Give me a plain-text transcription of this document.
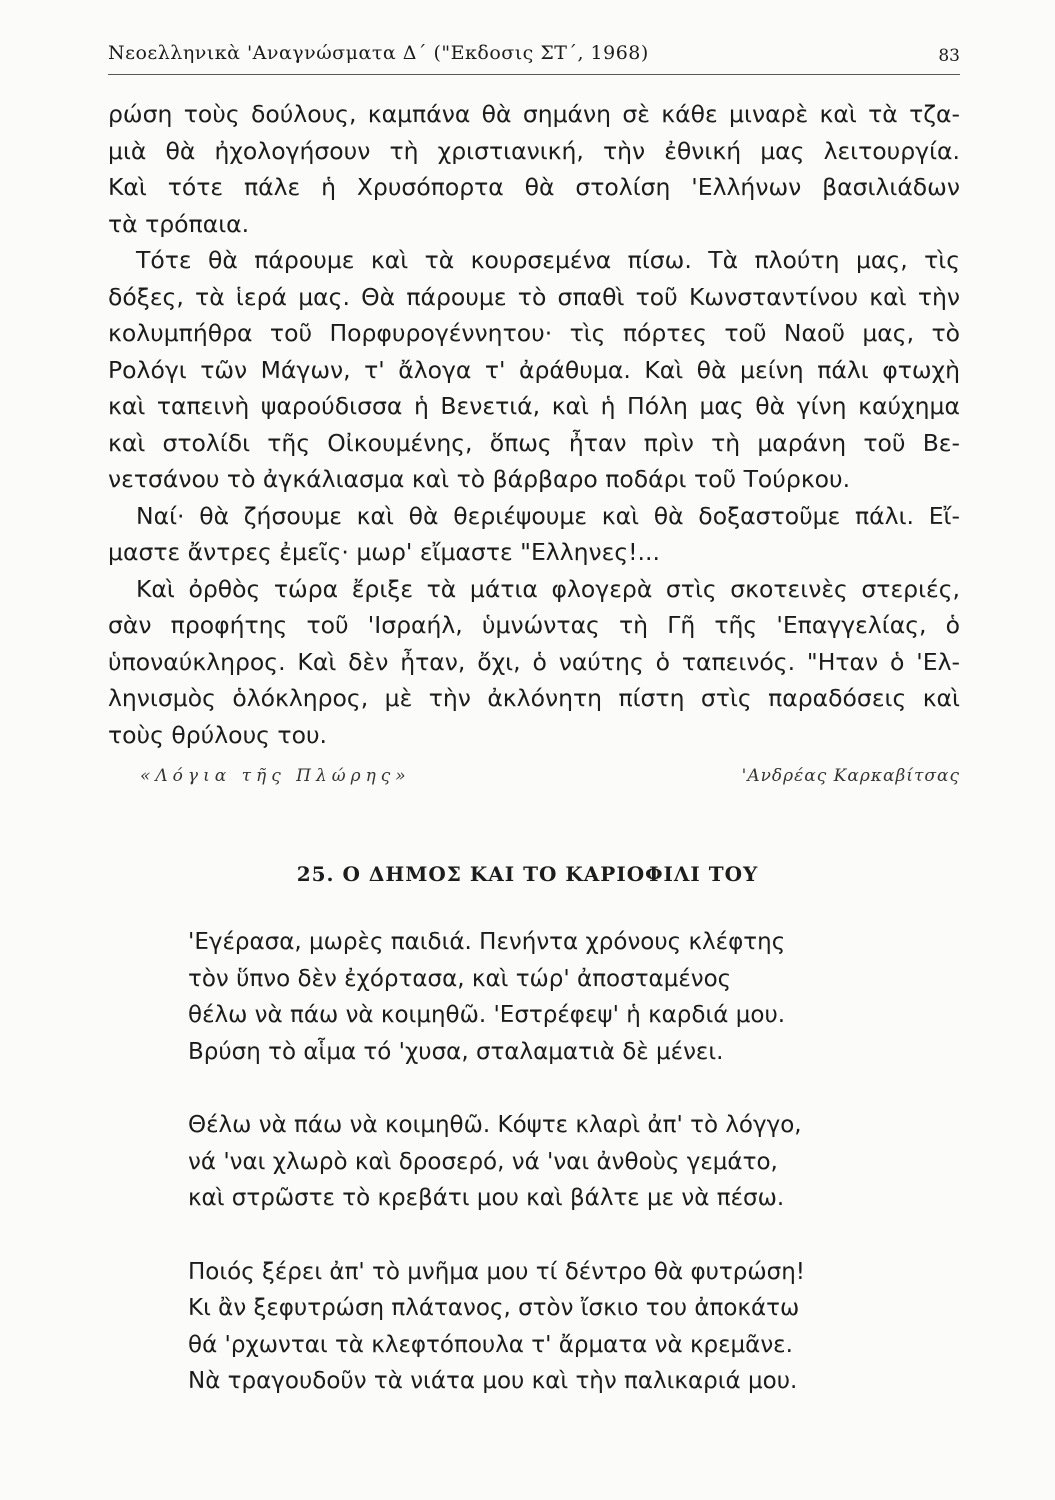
Νεοελληνικὰ 'Αναγνώσματα Δ΄ ("Εκδοσις ΣΤ΄, 1968)	83
ρώση τοὺς δούλους, καμπάνα θὰ σημάνη σὲ κάθε μιναρὲ καὶ τὰ τζα-
μιὰ θὰ ἠχολογήσουν τὴ χριστιανική, τὴν ἐθνική μας λειτουργία.
Καὶ τότε πάλε ἡ Χρυσόπορτα θὰ στολίση 'Ελλήνων βασιλιάδων
τὰ τρόπαια.
Τότε θὰ πάρουμε καὶ τὰ κουρσεμένα πίσω. Τὰ πλούτη μας, τὶς
δόξες, τὰ ἱερά μας. Θὰ πάρουμε τὸ σπαθὶ τοῦ Κωνσταντίνου καὶ τὴν
κολυμπήθρα τοῦ Πορφυρογέννητου· τὶς πόρτες τοῦ Ναοῦ μας, τὸ
Ρολόγι τῶν Μάγων, τ' ἄλογα τ' ἀράθυμα. Καὶ θὰ μείνη πάλι φτωχὴ
καὶ ταπεινὴ ψαρούδισσα ἡ Βενετιά, καὶ ἡ Πόλη μας θὰ γίνη καύχημα
καὶ στολίδι τῆς Οἰκουμένης, ὅπως ἦταν πρὶν τὴ μαράνη τοῦ Βε-
νετσάνου τὸ ἀγκάλιασμα καὶ τὸ βάρβαρο ποδάρι τοῦ Τούρκου.
Ναί· θὰ ζήσουμε καὶ θὰ θεριέψουμε καὶ θὰ δοξαστοῦμε πάλι. Εἴ-
μαστε ἄντρες ἐμεῖς· μωρ' εἴμαστε "Ελληνες!...
Καὶ ὀρθὸς τώρα ἔριξε τὰ μάτια φλογερὰ στὶς σκοτεινὲς στεριές,
σὰν προφήτης τοῦ 'Ισραήλ, ὑμνώντας τὴ Γῆ τῆς 'Επαγγελίας, ὁ
ὑποναύκληρος. Καὶ δὲν ἦταν, ὄχι, ὁ ναύτης ὁ ταπεινός. "Ηταν ὁ 'Ελ-
ληνισμὸς ὁλόκληρος, μὲ τὴν ἀκλόνητη πίστη στὶς παραδόσεις καὶ
τοὺς θρύλους του.
«Λόγια τῆς Πλώρης»	'Ανδρέας Καρκαβίτσας
25. Ο ΔΗΜΟΣ ΚΑΙ ΤΟ ΚΑΡΙΟΦΙΛΙ ΤΟΥ
'Εγέρασα, μωρὲς παιδιά. Πενήντα χρόνους κλέφτης
τὸν ὕπνο δὲν ἐχόρτασα, καὶ τώρ' ἀποσταμένος
θέλω νὰ πάω νὰ κοιμηθῶ. 'Εστρέφεψ' ἡ καρδιά μου.
Βρύση τὸ αἷμα τό 'χυσα, σταλαματιὰ δὲ μένει.
Θέλω νὰ πάω νὰ κοιμηθῶ. Κόψτε κλαρὶ ἀπ' τὸ λόγγο,
νά 'ναι χλωρὸ καὶ δροσερό, νά 'ναι ἀνθοὺς γεμάτο,
καὶ στρῶστε τὸ κρεβάτι μου καὶ βάλτε με νὰ πέσω.
Ποιός ξέρει ἀπ' τὸ μνῆμα μου τί δέντρο θὰ φυτρώση!
Κι ἂν ξεφυτρώση πλάτανος, στὸν ἴσκιο του ἀποκάτω
θά 'ρχωνται τὰ κλεφτόπουλα τ' ἄρματα νὰ κρεμᾶνε.
Νὰ τραγουδοῦν τὰ νιάτα μου καὶ τὴν παλικαριά μου.
